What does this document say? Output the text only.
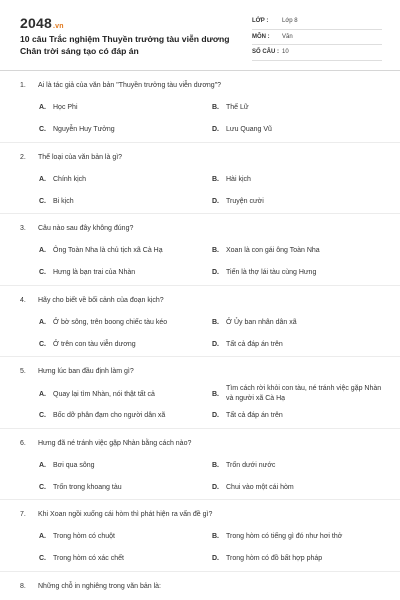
2048.vn
10 câu Trắc nghiệm Thuyền trưởng tàu viễn dương Chân trời sáng tạo có đáp án
LỚP : Lớp 8
MÔN : Văn
SỐ CÂU : 10
1. Ai là tác giả của văn bản "Thuyền trưởng tàu viễn dương"?
A. Học Phi	B. Thế Lữ
C. Nguyễn Huy Tưởng	D. Lưu Quang Vũ
2. Thể loại của văn bản là gì?
A. Chính kịch	B. Hài kịch
C. Bi kịch	D. Truyện cười
3. Câu nào sau đây không đúng?
A. Ông Toàn Nha là chủ tịch xã Cà Hạ	B. Xoan là con gái ông Toàn Nha
C. Hưng là bạn trai của Nhàn	D. Tiến là thợ lái tàu cùng Hưng
4. Hãy cho biết về bối cảnh của đoạn kịch?
A. Ở bờ sông, trên boong chiếc tàu kéo	B. Ở Ủy ban nhân dân xã
C. Ở trên con tàu viễn dương	D. Tất cả đáp án trên
5. Hưng lúc ban đầu định làm gì?
A. Quay lại tìm Nhàn, nói thật tất cả	B.
Tìm cách rời khỏi con tàu, né tránh việc gặp Nhàn và người xã Cà Hạ
C. Bốc dỡ phân đạm cho người dân xã	D. Tất cả đáp án trên
6. Hưng đã né tránh việc gặp Nhàn bằng cách nào?
A. Bơi qua sông	B. Trốn dưới nước
C. Trốn trong khoang tàu	D. Chui vào một cái hòm
7. Khi Xoan ngồi xuống cái hòm thì phát hiện ra vấn đề gì?
A. Trong hòm có chuột	B. Trong hòm có tiếng gì đó như hơi thở
C. Trong hòm có xác chết	D. Trong hòm có đồ bất hợp pháp
8. Những chỗ in nghiêng trong văn bản là:
